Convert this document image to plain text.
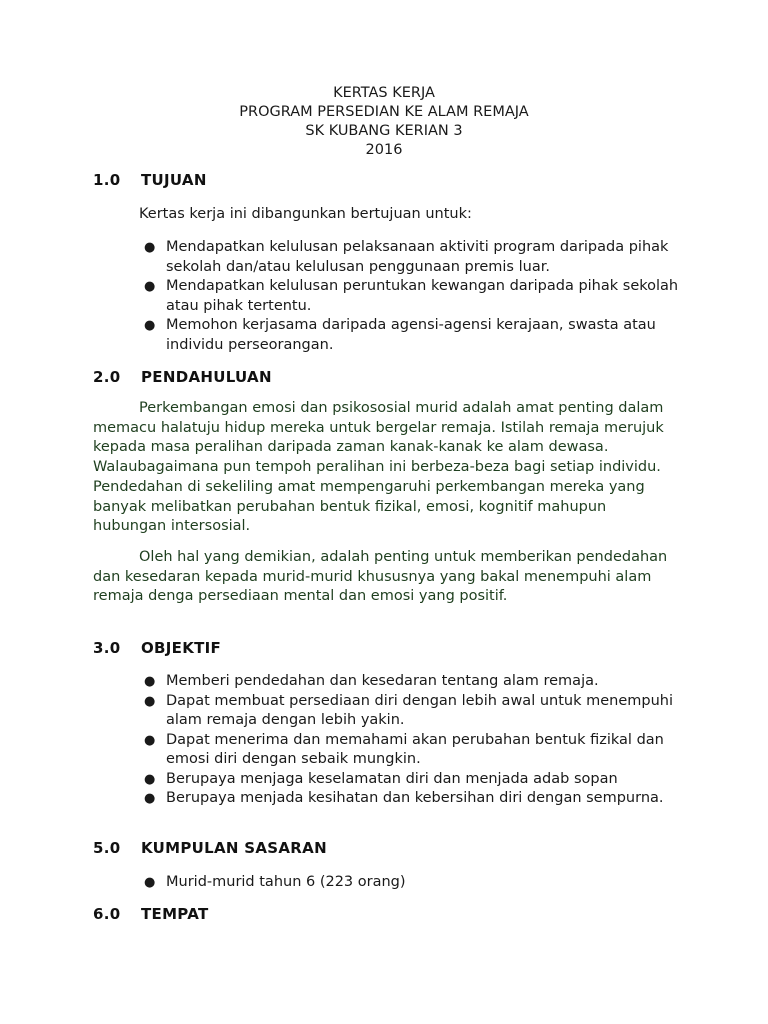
KERTAS KERJA
PROGRAM PERSEDIAN KE ALAM REMAJA
SK KUBANG KERIAN 3
2016
1.0 TUJUAN
Kertas kerja ini dibangunkan bertujuan untuk:
● Mendapatkan kelulusan pelaksanaan aktiviti program daripada pihak sekolah dan/atau kelulusan penggunaan premis luar.
● Mendapatkan kelulusan peruntukan kewangan daripada pihak sekolah atau pihak tertentu.
● Memohon kerjasama daripada agensi-agensi kerajaan, swasta atau individu perseorangan.
2.0 PENDAHULUAN
Perkembangan emosi dan psikososial murid adalah amat penting dalam memacu halatuju hidup mereka untuk bergelar remaja. Istilah remaja merujuk kepada masa peralihan daripada zaman kanak-kanak ke alam dewasa. Walaubagaimana pun tempoh peralihan ini berbeza-beza bagi setiap individu. Pendedahan di sekeliling amat mempengaruhi perkembangan mereka yang banyak melibatkan perubahan bentuk fizikal, emosi, kognitif mahupun hubungan intersosial.
Oleh hal yang demikian, adalah penting untuk memberikan pendedahan dan kesedaran kepada murid-murid khususnya yang bakal menempuhi alam remaja denga persediaan mental dan emosi yang positif.
3.0 OBJEKTIF
● Memberi pendedahan dan kesedaran tentang alam remaja.
● Dapat membuat persediaan diri dengan lebih awal untuk menempuhi alam remaja dengan lebih yakin.
● Dapat menerima dan memahami akan perubahan bentuk fizikal dan emosi diri dengan sebaik mungkin.
● Berupaya menjaga keselamatan diri dan menjada adab sopan
● Berupaya menjada kesihatan dan kebersihan diri dengan sempurna.
5.0 KUMPULAN SASARAN
● Murid-murid tahun 6 (223 orang)
6.0 TEMPAT
